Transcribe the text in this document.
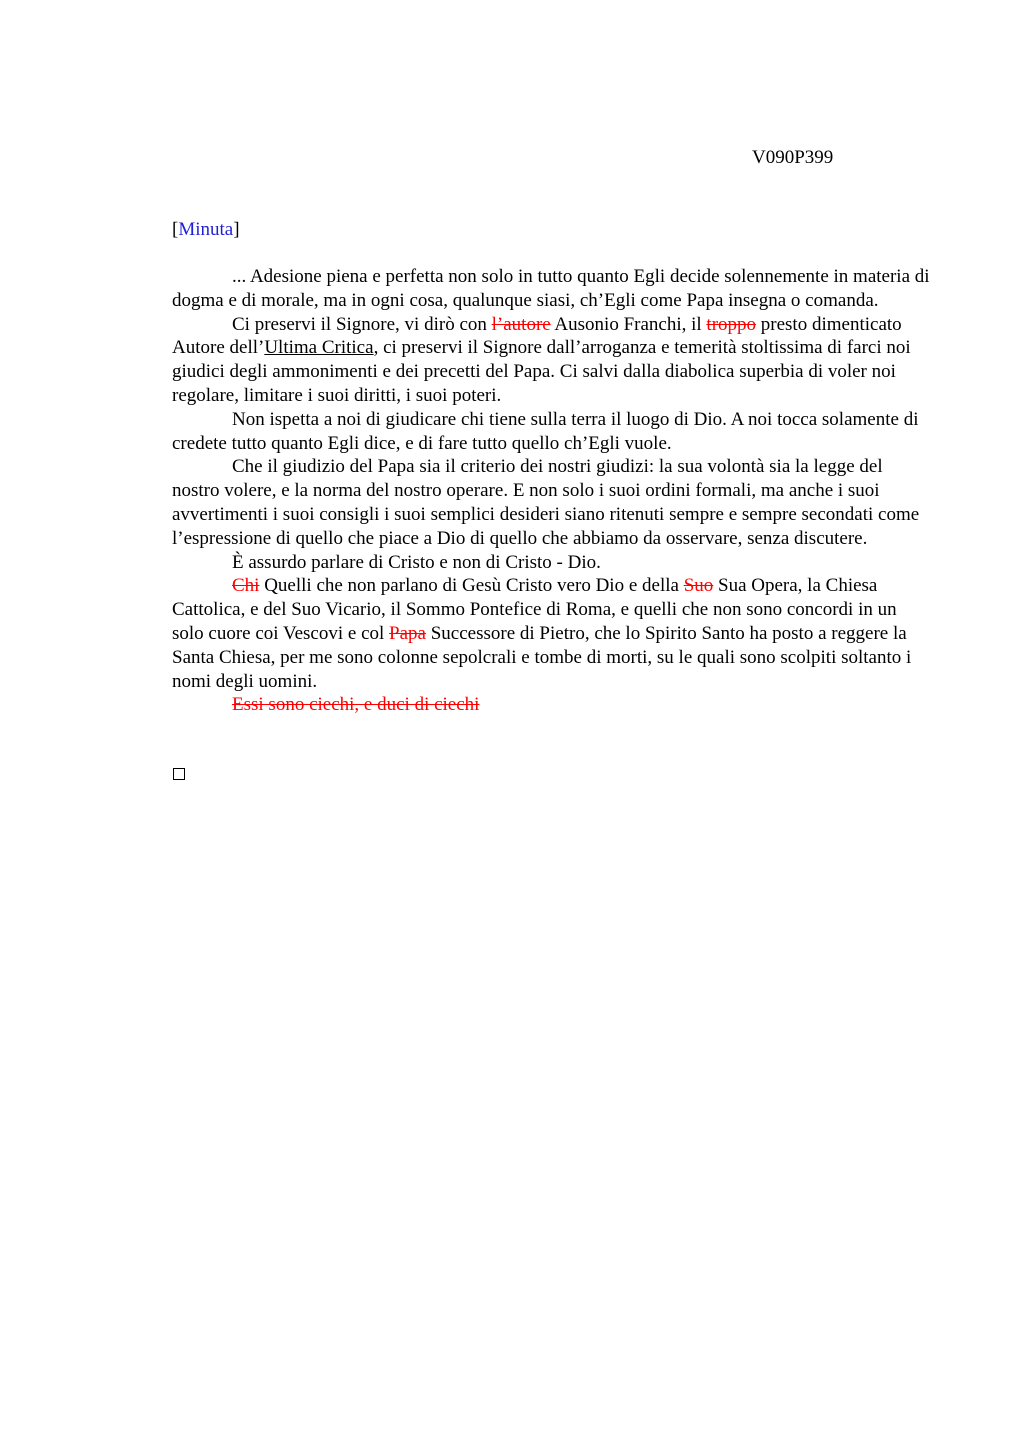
V090P399
[Minuta]

... Adesione piena e perfetta non solo in tutto quanto Egli decide solennemente in materia di dogma e di morale, ma in ogni cosa, qualunque siasi, ch’Egli come Papa insegna o comanda.

Ci preservi il Signore, vi dirò con l’autore Ausonio Franchi, il troppo presto dimenticato Autore dell’Ultima Critica, ci preservi il Signore dall’arroganza e temerità stoltissima di farci noi giudici degli ammonimenti e dei precetti del Papa. Ci salvi dalla diabolica superbia di voler noi regolare, limitare i suoi diritti, i suoi poteri.

Non ispetta a noi di giudicare chi tiene sulla terra il luogo di Dio. A noi tocca solamente di credete tutto quanto Egli dice, e di fare tutto quello ch’Egli vuole.

Che il giudizio del Papa sia il criterio dei nostri giudizi: la sua volontà sia la legge del nostro volere, e la norma del nostro operare. E non solo i suoi ordini formali, ma anche i suoi avvertimenti i suoi consigli i suoi semplici desideri siano ritenuti sempre e sempre secondati come l’espressione di quello che piace a Dio di quello che abbiamo da osservare, senza discutere.

È assurdo parlare di Cristo e non di Cristo - Dio.

Chi Quelli che non parlano di Gesù Cristo vero Dio e della Suo Sua Opera, la Chiesa Cattolica, e del Suo Vicario, il Sommo Pontefice di Roma, e quelli che non sono concordi in un solo cuore coi Vescovi e col Papa Successore di Pietro, che lo Spirito Santo ha posto a reggere la Santa Chiesa, per me sono colonne sepolcrali e tombe di morti, su le quali sono scolpiti soltanto i nomi degli uomini.

Essi sono ciechi, e duci di ciechi
